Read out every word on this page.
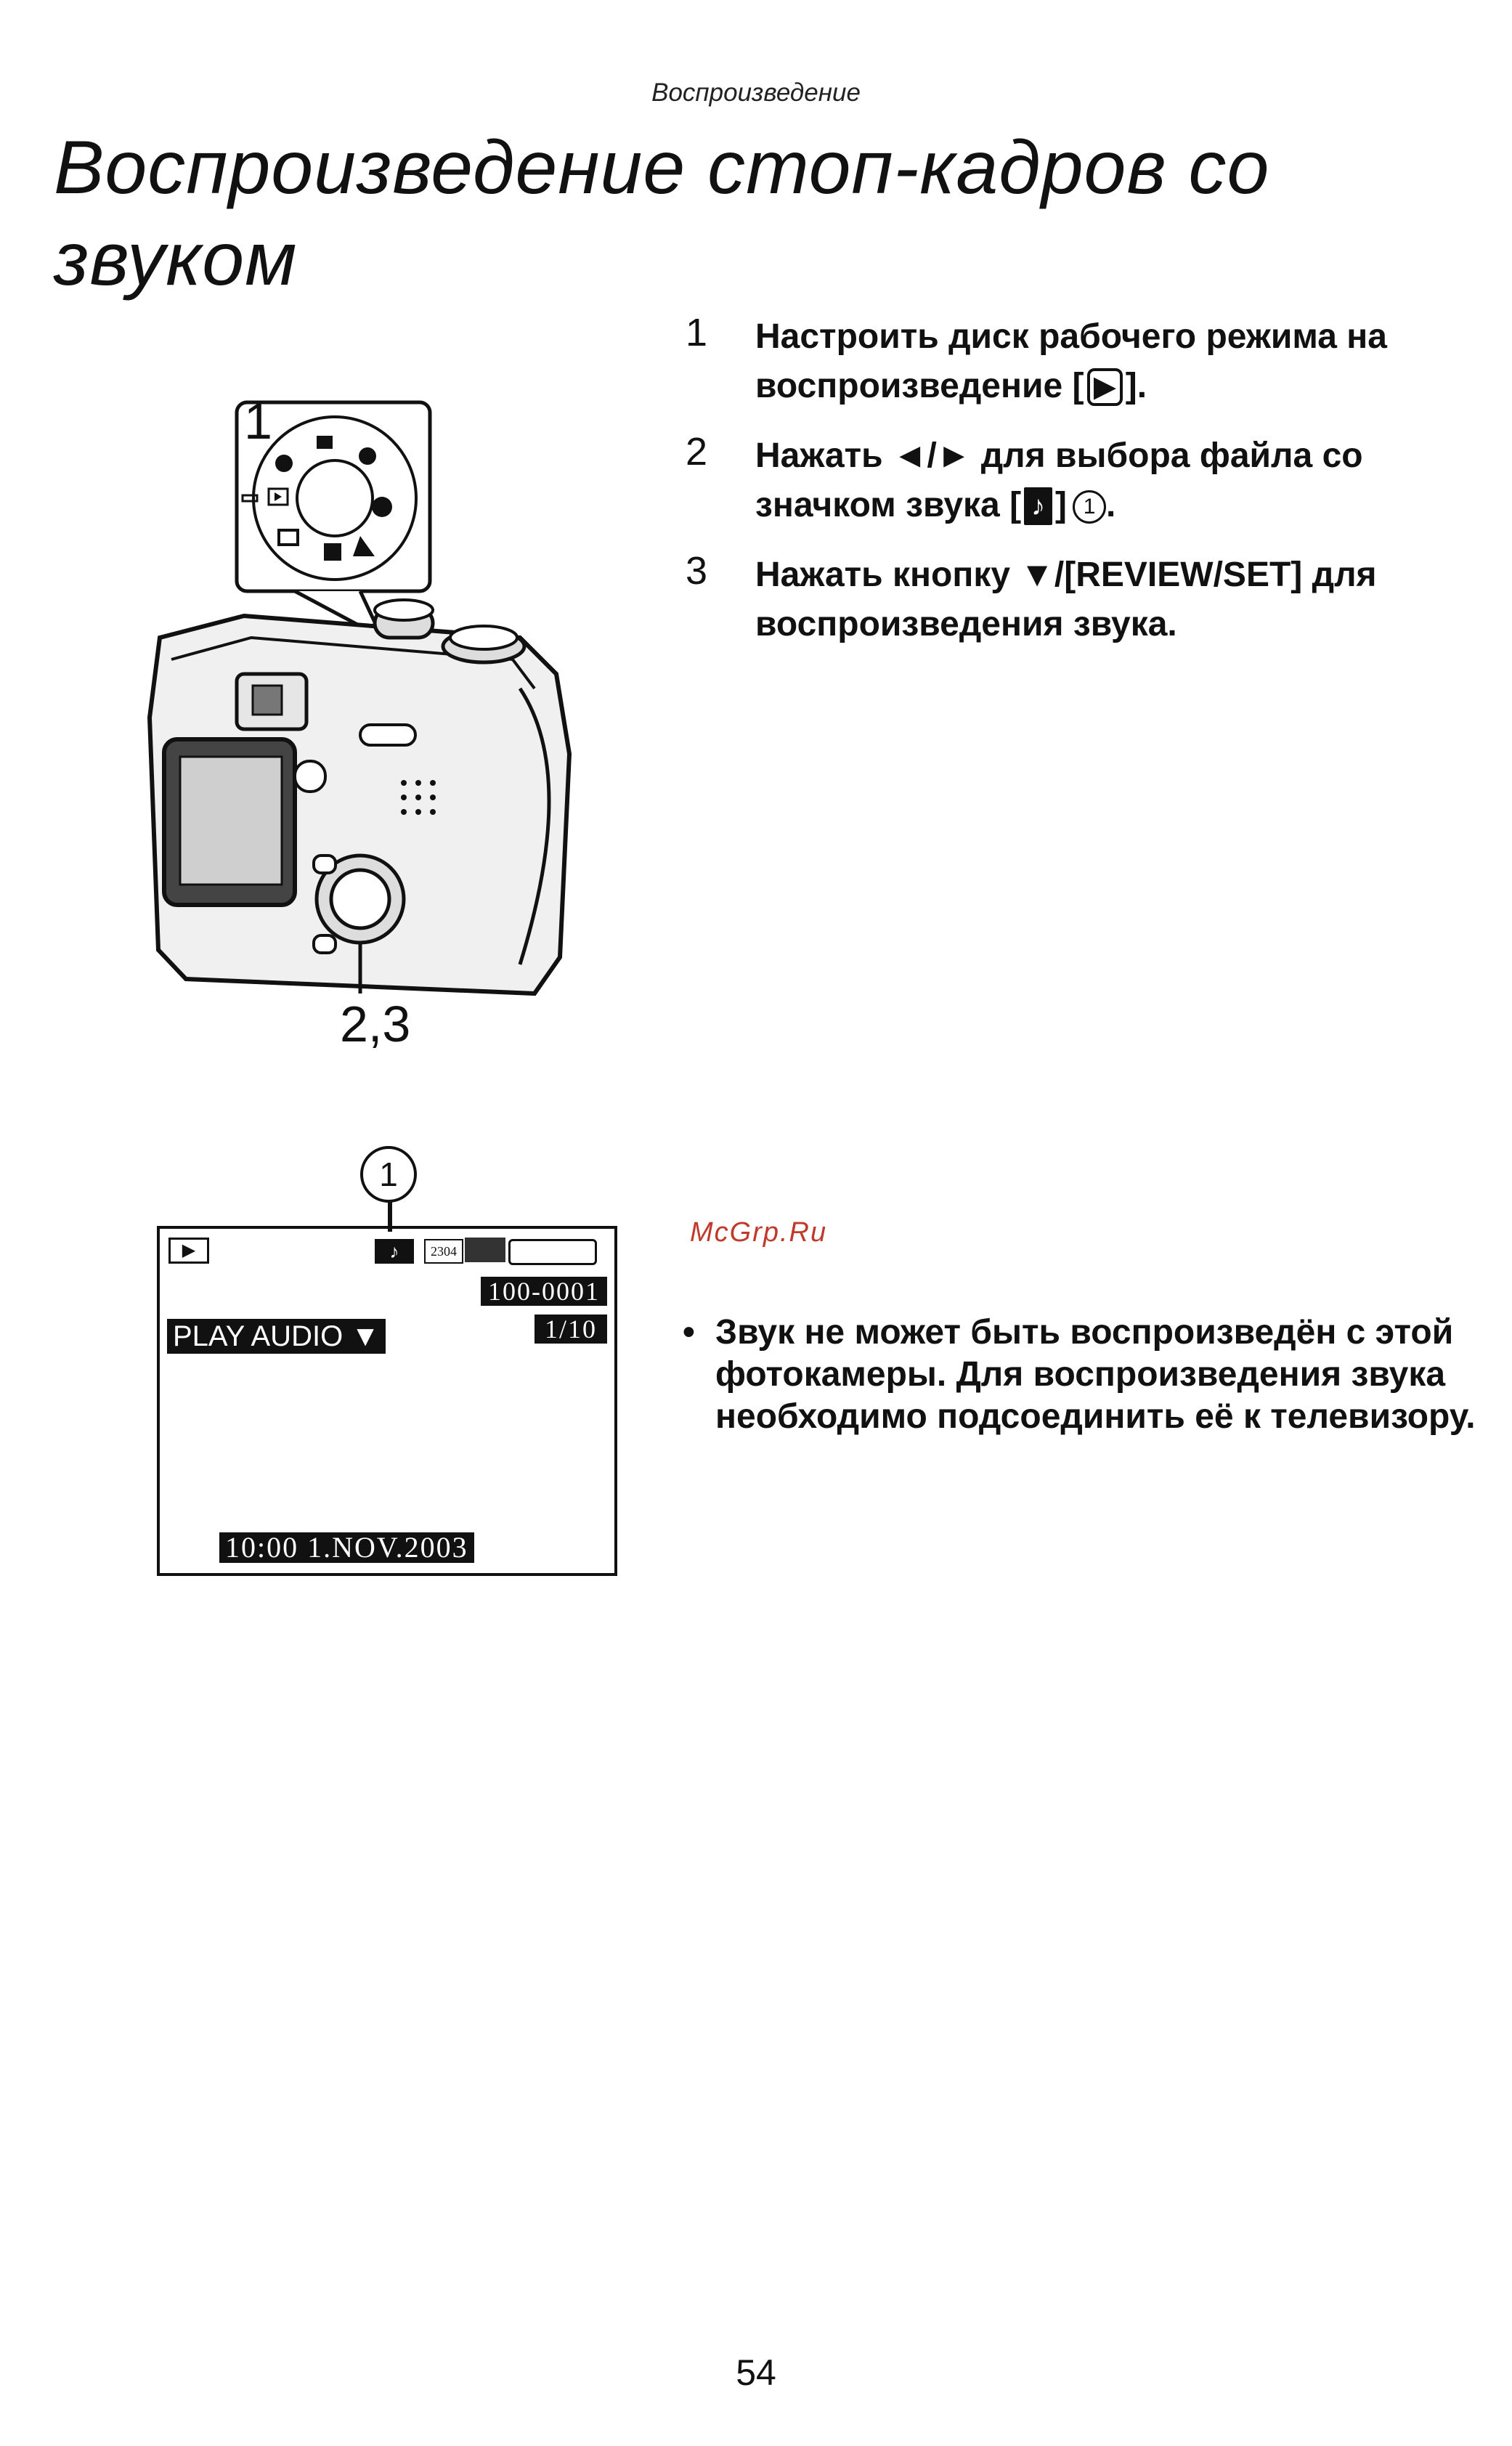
Воспроизведение
Воспроизведение стоп-кадров со звуком
1
2,3
1 Настроить диск рабочего режима на воспроизведение [ ▶ ].
2 Нажать ◄/► для выбора файла со значком звука [ ♪ ] 1 .
3 Нажать кнопку ▼/[REVIEW/SET] для воспроизведения звука.
1
▶	♪	2304
100-0001
1/10
PLAY AUDIO ▼
10:00 1.NOV.2003
McGrp.Ru
• Звук не может быть воспроизведён с этой фотокамеры. Для воспроизведения звука необходимо подсоединить её к телевизору.
54
